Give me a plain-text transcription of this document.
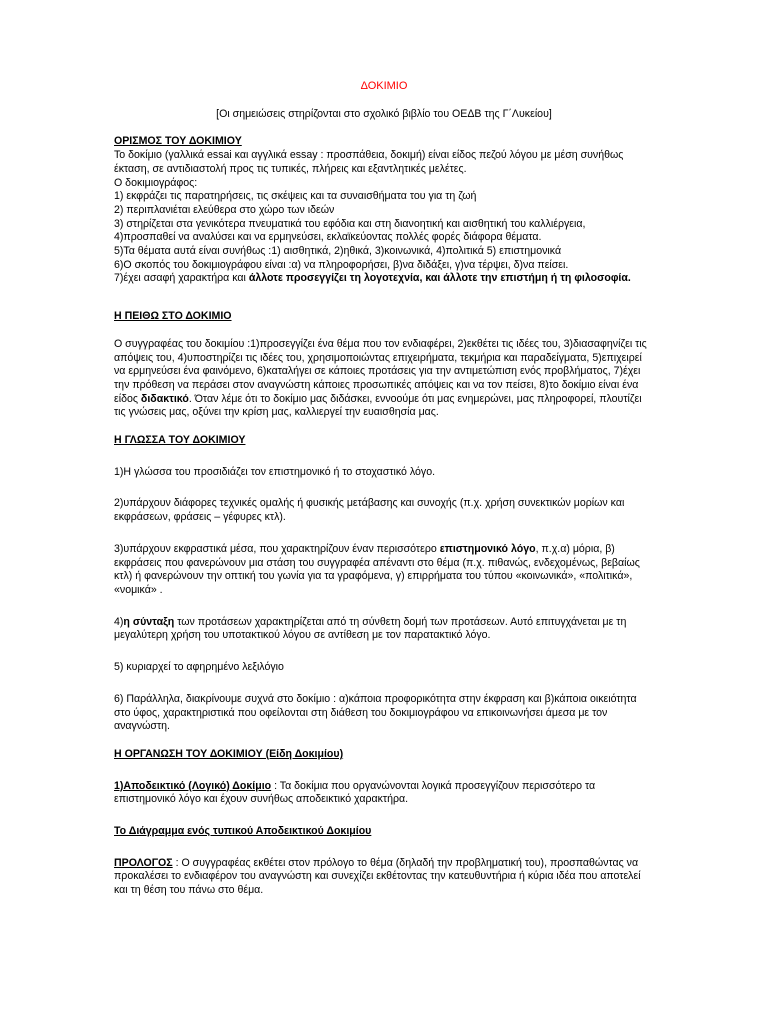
ΔΟΚΙΜΙΟ
[Οι σημειώσεις στηρίζονται στο σχολικό βιβλίο του ΟΕΔΒ της Γ΄Λυκείου]
ΟΡΙΣΜΟΣ ΤΟΥ ΔΟΚΙΜΙΟΥ
Το δοκίμιο (γαλλικά essai και αγγλικά essay : προσπάθεια, δοκιμή) είναι είδος πεζού λόγου με μέση συνήθως έκταση, σε αντιδιαστολή προς τις τυπικές, πλήρεις και εξαντλητικές μελέτες.
Ο δοκιμιογράφος:
1) εκφράζει τις παρατηρήσεις, τις σκέψεις και τα συναισθήματα του για τη ζωή
2) περιπλανιέται ελεύθερα στο χώρο των ιδεών
3) στηρίζεται στα γενικότερα πνευματικά του εφόδια και στη διανοητική και αισθητική του καλλιέργεια,
4)προσπαθεί να αναλύσει και να ερμηνεύσει, εκλαϊκεύοντας πολλές φορές διάφορα θέματα.
5)Τα θέματα αυτά είναι συνήθως :1) αισθητικά, 2)ηθικά, 3)κοινωνικά, 4)πολιτικά 5) επιστημονικά
6)Ο σκοπός του δοκιμιογράφου είναι :α) να πληροφορήσει, β)να διδάξει, γ)να τέρψει, δ)να πείσει.
7)έχει ασαφή χαρακτήρα και άλλοτε προσεγγίζει τη λογοτεχνία, και άλλοτε την επιστήμη ή τη φιλοσοφία.
Η ΠΕΙΘΩ ΣΤΟ ΔΟΚΙΜΙΟ
Ο συγγραφέας του δοκιμίου :1)προσεγγίζει ένα θέμα που τον ενδιαφέρει, 2)εκθέτει τις ιδέες του, 3)διασαφηνίζει τις απόψεις του, 4)υποστηρίζει τις ιδέες του, χρησιμοποιώντας επιχειρήματα, τεκμήρια και παραδείγματα, 5)επιχειρεί να ερμηνεύσει ένα φαινόμενο, 6)καταλήγει σε κάποιες προτάσεις για την αντιμετώπιση ενός προβλήματος, 7)έχει την πρόθεση να περάσει στον αναγνώστη κάποιες προσωπικές απόψεις και να τον πείσει, 8)το δοκίμιο είναι ένα είδος διδακτικό. Όταν λέμε ότι το δοκίμιο μας διδάσκει, εννοούμε ότι μας ενημερώνει, μας πληροφορεί, πλουτίζει τις γνώσεις μας, οξύνει την κρίση μας, καλλιεργεί την ευαισθησία μας.
Η ΓΛΩΣΣΑ ΤΟΥ ΔΟΚΙΜΙΟΥ
1)Η γλώσσα του προσιδιάζει τον επιστημονικό ή το στοχαστικό λόγο.
2)υπάρχουν διάφορες τεχνικές ομαλής ή φυσικής μετάβασης και συνοχής (π.χ. χρήση συνεκτικών μορίων και εκφράσεων, φράσεις – γέφυρες κτλ).
3)υπάρχουν εκφραστικά μέσα, που χαρακτηρίζουν έναν περισσότερο επιστημονικό λόγο, π.χ.α) μόρια, β) εκφράσεις που φανερώνουν μια στάση του συγγραφέα απέναντι στο θέμα (π.χ. πιθανώς, ενδεχομένως, βεβαίως κτλ) ή φανερώνουν την οπτική του γωνία για τα γραφόμενα, γ) επιρρήματα του τύπου «κοινωνικά», «πολιτικά», «νομικά» .
4)η σύνταξη των προτάσεων χαρακτηρίζεται από τη σύνθετη δομή των προτάσεων. Αυτό επιτυγχάνεται με τη μεγαλύτερη χρήση του υποτακτικού λόγου σε αντίθεση με τον παρατακτικό λόγο.
5) κυριαρχεί το αφηρημένο λεξιλόγιο
6) Παράλληλα, διακρίνουμε συχνά στο δοκίμιο : α)κάποια προφορικότητα στην έκφραση και β)κάποια οικειότητα στο ύφος, χαρακτηριστικά που οφείλονται στη διάθεση του δοκιμιογράφου να επικοινωνήσει άμεσα με τον αναγνώστη.
Η ΟΡΓΑΝΩΣΗ ΤΟΥ ΔΟΚΙΜΙΟΥ (Είδη Δοκιμίου)
1)Αποδεικτικό (Λογικό) Δοκίμιο : Τα δοκίμια που οργανώνονται λογικά προσεγγίζουν περισσότερο τα επιστημονικό λόγο και έχουν συνήθως αποδεικτικό χαρακτήρα.
Το Διάγραμμα ενός τυπικού Αποδεικτικού Δοκιμίου
ΠΡΟΛΟΓΟΣ : Ο συγγραφέας εκθέτει στον πρόλογο το θέμα (δηλαδή την προβληματική του), προσπαθώντας να προκαλέσει το ενδιαφέρον του αναγνώστη και συνεχίζει εκθέτοντας την κατευθυντήρια ή κύρια ιδέα που αποτελεί και τη θέση του πάνω στο θέμα.
